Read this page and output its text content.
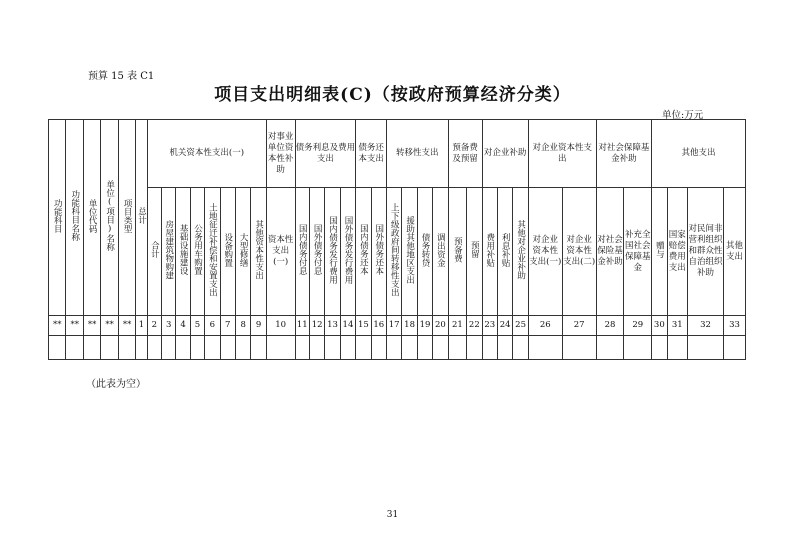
预算 15 表 C1
项目支出明细表(C)（按政府预算经济分类）
单位:万元
功能科目	功能科目名称	单位代码	单位(项目)名称	项目类型	总计	机关资本性支出(一)								对事业单位资本性补助	债务利息及费用支出				债务还本支出		转移性支出				预备费及预留		对企业补助			对企业资本性支出		对社会保障基金补助		其他支出			

						合计	房屋建筑物购建	基础设施建设	公务用车购置	土地征迁补偿和安置支出	设备购置	大型修缮	其他资本性支出	资本性支出(一)	国内债务付息	国外债务付息	国内债务发行费用	国外债务发行费用	国内债务还本	国外债务还本	上下级政府间转移性支出	援助其他地区支出	债务转贷	调出资金	预备费	预留	费用补贴	利息补贴	其他对企业补助	对企业资本性支出(一)	对企业资本性支出(二)	对社会保险基金补助	补充全国社会保障基金	赠与	国家赔偿费用支出	对民间非营利组织和群众性自治组织补助	其他支出
**	**	**	**	**	1	2	3	4	5	6	7	8	9	10	11	12	13	14	15	16	17	18	19	20	21	22	23	24	25	26	27	28	29	30	31	32	33

（此表为空）
31
